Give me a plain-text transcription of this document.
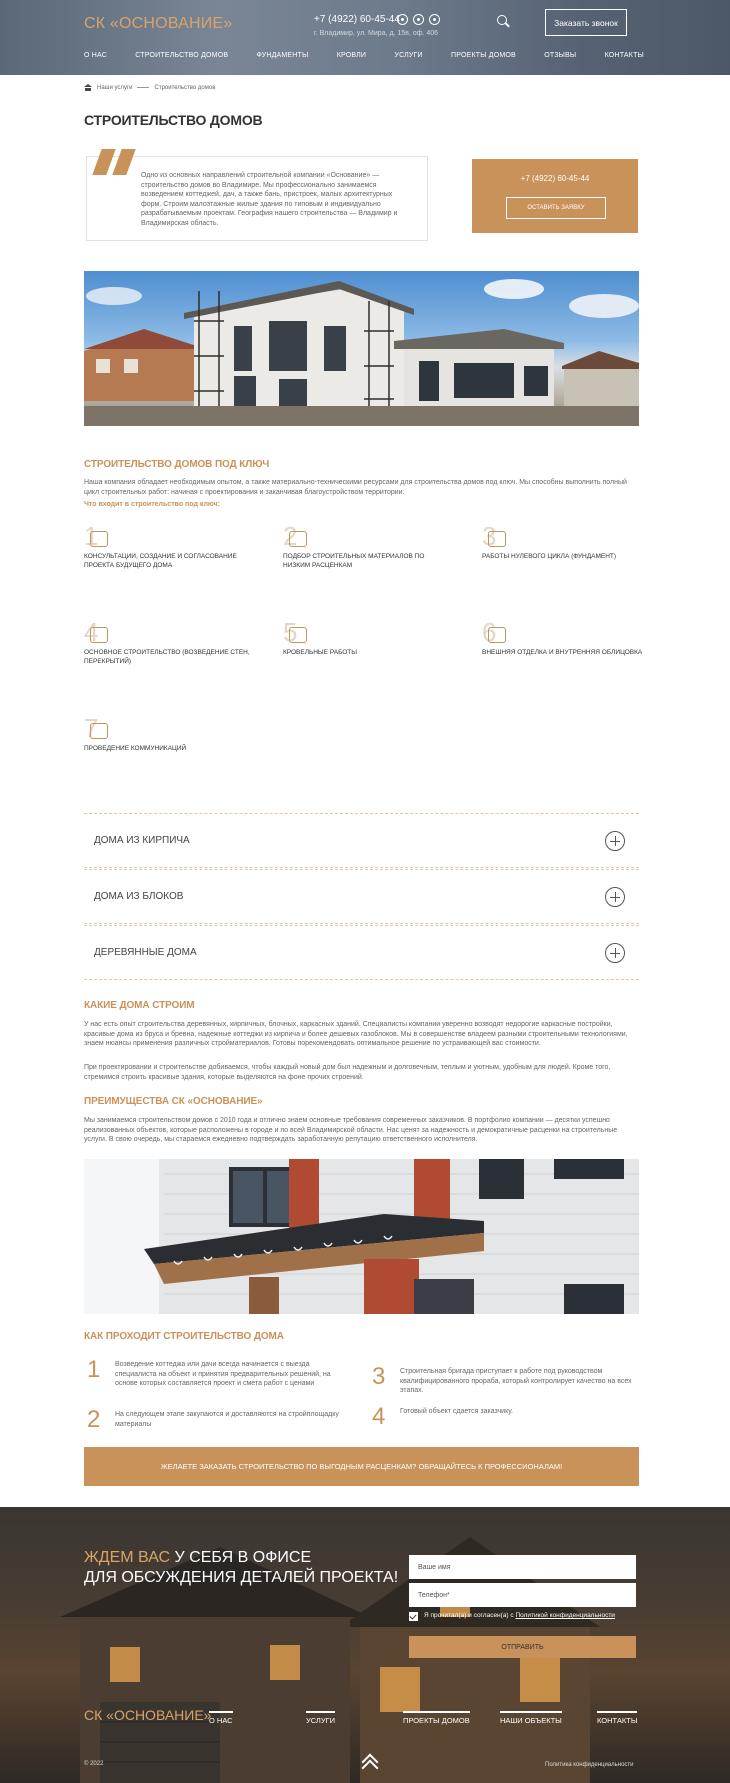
СК «ОСНОВАНИЕ»	+7 (4922) 60-45-44
г. Владимир, ул. Мира, д. 15в, оф. 406
Заказать звонок
О НАС	СТРОИТЕЛЬСТВО ДОМОВ	ФУНДАМЕНТЫ	КРОВЛИ	УСЛУГИ	ПРОЕКТЫ ДОМОВ	ОТЗЫВЫ	КОНТАКТЫ
Наши услуги	Строительство домов
СТРОИТЕЛЬСТВО ДОМОВ
Одно из основных направлений строительной компании «Основание» — строительство домов во Владимире. Мы профессионально занимаемся возведением коттеджей, дач, а также бань, пристроек, малых архитектурных форм. Строим малоэтажные жилые здания по типовым и индивидуально разрабатываемым проектам. География нашего строительства — Владимир и Владимирская область.
+7 (4922) 60-45-44
ОСТАВИТЬ ЗАЯВКУ
СТРОИТЕЛЬСТВО ДОМОВ ПОД КЛЮЧ

Наша компания обладает необходимым опытом, а также материально-техническими ресурсами для строительства домов под ключ. Мы способны выполнить полный цикл строительных работ: начиная с проектирования и заканчивая благоустройством территории.

Что входит в строительство под ключ:
1
КОНСУЛЬТАЦИИ, СОЗДАНИЕ И СОГЛАСОВАНИЕ ПРОЕКТА БУДУЩЕГО ДОМА
2
ПОДБОР СТРОИТЕЛЬНЫХ МАТЕРИАЛОВ ПО НИЗКИМ РАСЦЕНКАМ
3
РАБОТЫ НУЛЕВОГО ЦИКЛА (ФУНДАМЕНТ)
4
ОСНОВНОЕ СТРОИТЕЛЬСТВО (ВОЗВЕДЕНИЕ СТЕН, ПЕРЕКРЫТИЙ)
5
КРОВЕЛЬНЫЕ РАБОТЫ
6
ВНЕШНЯЯ ОТДЕЛКА И ВНУТРЕННЯЯ ОБЛИЦОВКА
7
ПРОВЕДЕНИЕ КОММУНИКАЦИЙ
ДОМА ИЗ КИРПИЧА
ДОМА ИЗ БЛОКОВ
ДЕРЕВЯННЫЕ ДОМА
КАКИЕ ДОМА СТРОИМ

У нас есть опыт строительства деревянных, кирпичных, блочных, каркасных зданий. Специалисты компании уверенно возводят недорогие каркасные постройки, красивые дома из бруса и бревна, надежные коттеджи из кирпича и более дешевых газоблоков. Мы в совершенстве владеем разными строительными технологиями, знаем нюансы применения различных стройматериалов. Готовы порекомендовать оптимальное решение по устраивающей вас стоимости.

При проектировании и строительстве добиваемся, чтобы каждый новый дом был надежным и долговечным, теплым и уютным, удобным для людей. Кроме того, стремимся строить красивые здания, которые выделяются на фоне прочих строений.

ПРЕИМУЩЕСТВА СК «ОСНОВАНИЕ»

Мы занимаемся строительством домов с 2010 года и отлично знаем основные требования современных заказчиков. В портфолио компании — десятки успешно реализованных объектов, которые расположены в городе и по всей Владимирской области. Нас ценят за надежность и демократичные расценки на строительные услуги. В свою очередь, мы стараемся ежедневно подтверждать заработанную репутацию ответственного исполнителя.

КАК ПРОХОДИТ СТРОИТЕЛЬСТВО ДОМА
1	Возведение коттеджа или дачи всегда начинается с выезда специалиста на объект и принятия предварительных решений, на основе которых составляется проект и смета работ с ценами
2	На следующем этапе закупаются и доставляются на стройплощадку материалы
3	Строительная бригада приступает к работе под руководством квалифицированного прораба, который контролирует качество на всех этапах.
4	Готовый объект сдается заказчику.
ЖЕЛАЕТЕ ЗАКАЗАТЬ СТРОИТЕЛЬСТВО ПО ВЫГОДНЫМ РАСЦЕНКАМ? ОБРАЩАЙТЕСЬ К ПРОФЕССИОНАЛАМ!
ЖДЕМ ВАС У СЕБЯ В ОФИСЕ
ДЛЯ ОБСУЖДЕНИЯ ДЕТАЛЕЙ ПРОЕКТА!
Ваше имя
Телефон*
Я прочитал(а) и согласен(а) с Политикой конфиденциальности
ОТПРАВИТЬ
СК «ОСНОВАНИЕ»
О НАС	УСЛУГИ	ПРОЕКТЫ ДОМОВ	НАШИ ОБЪЕКТЫ	КОНТАКТЫ
© 2022	Политика конфиденциальности
